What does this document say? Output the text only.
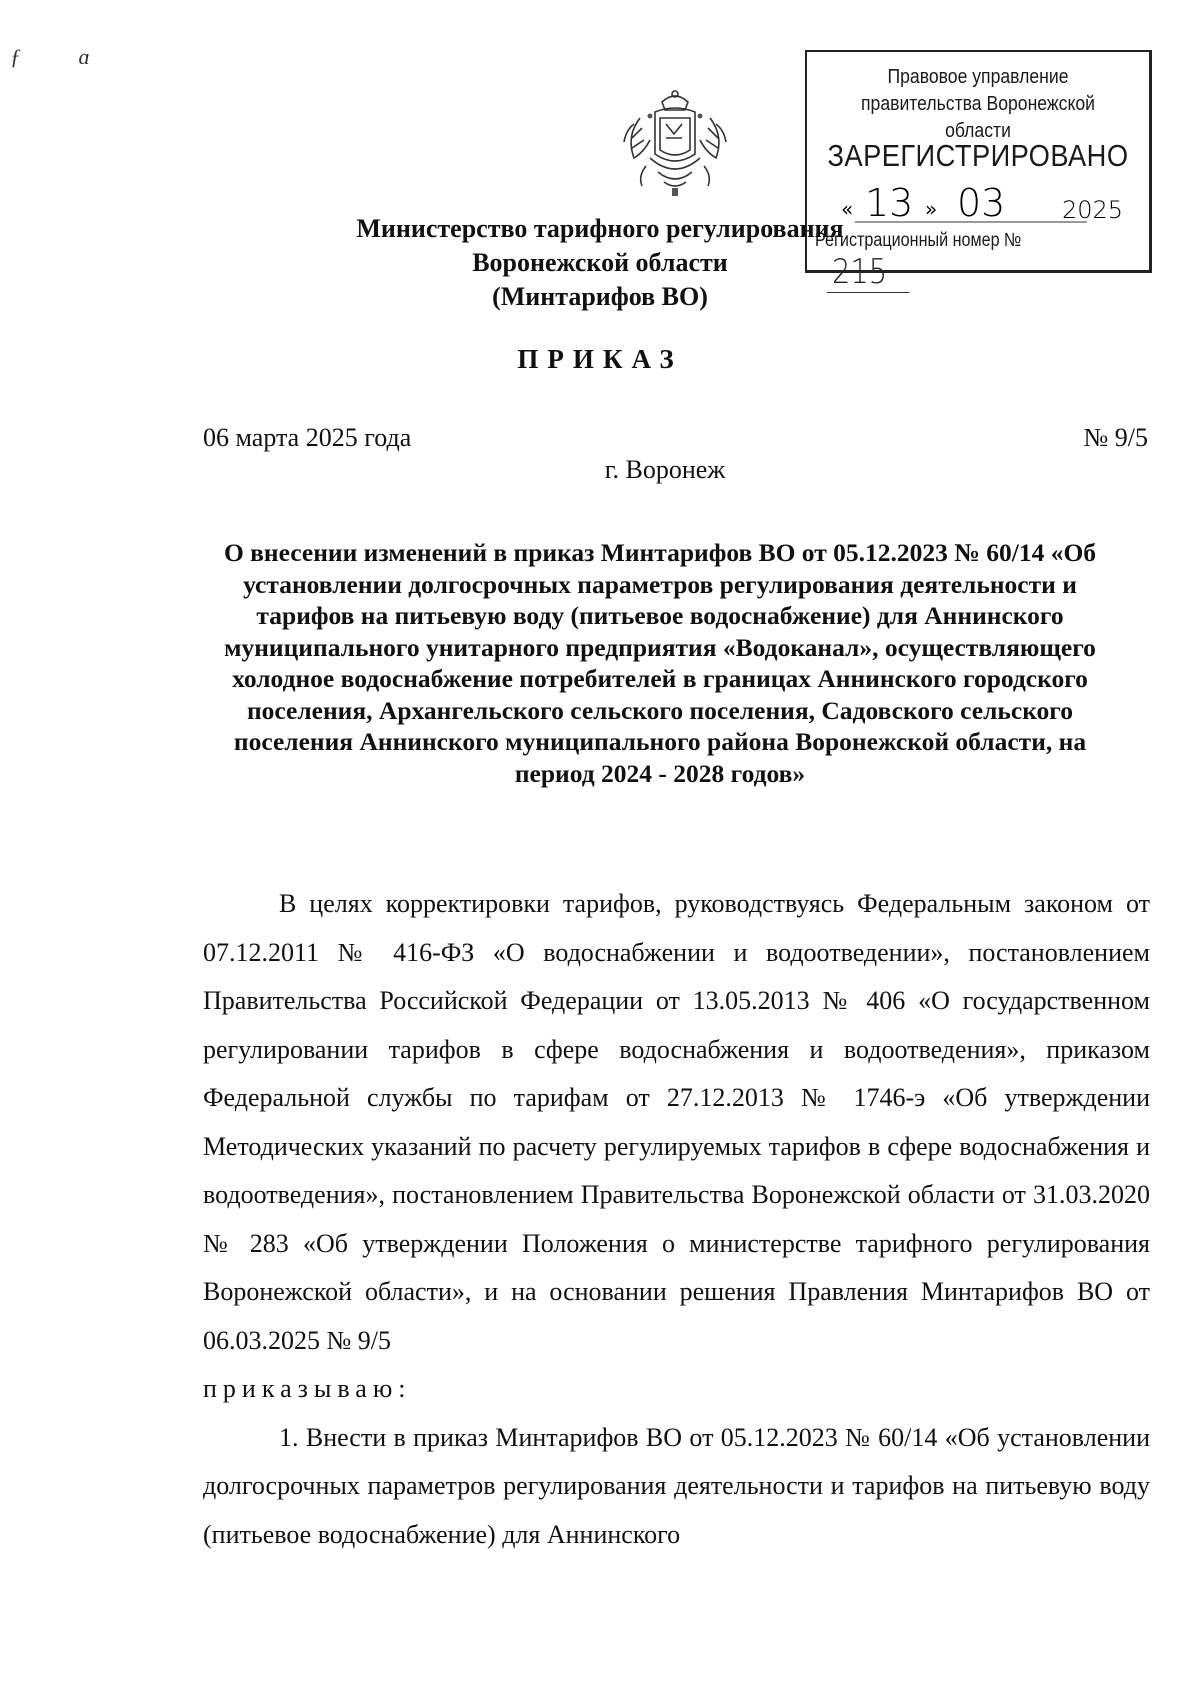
ƒ	ɑ
Правовое управление правительства Воронежской области
ЗАРЕГИСТРИРОВАНО
« 13 » 03 2025
Регистрационный номер № 215
Министерство тарифного регулирования
Воронежской области
(Минтарифов ВО)
ПРИКАЗ
06 марта 2025 года	№ 9/5
г. Воронеж
О внесении изменений в приказ Минтарифов ВО от 05.12.2023 № 60/14 «Об установлении долгосрочных параметров регулирования деятельности и тарифов на питьевую воду (питьевое водоснабжение) для Аннинского муниципального унитарного предприятия «Водоканал», осуществляющего холодное водоснабжение потребителей в границах Аннинского городского поселения, Архангельского сельского поселения, Садовского сельского поселения Аннинского муниципального района Воронежской области, на период 2024 - 2028 годов»

В целях корректировки тарифов, руководствуясь Федеральным законом от 07.12.2011 № 416-ФЗ «О водоснабжении и водоотведении», постановлением Правительства Российской Федерации от 13.05.2013 № 406 «О государственном регулировании тарифов в сфере водоснабжения и водоотведения», приказом Федеральной службы по тарифам от 27.12.2013 № 1746-э «Об утверждении Методических указаний по расчету регулируемых тарифов в сфере водоснабжения и водоотведения», постановлением Правительства Воронежской области от 31.03.2020 № 283 «Об утверждении Положения о министерстве тарифного регулирования Воронежской области», и на основании решения Правления Минтарифов ВО от 06.03.2025 № 9/5

приказываю:

1. Внести в приказ Минтарифов ВО от 05.12.2023 № 60/14 «Об установлении долгосрочных параметров регулирования деятельности и тарифов на питьевую воду (питьевое водоснабжение) для Аннинского
